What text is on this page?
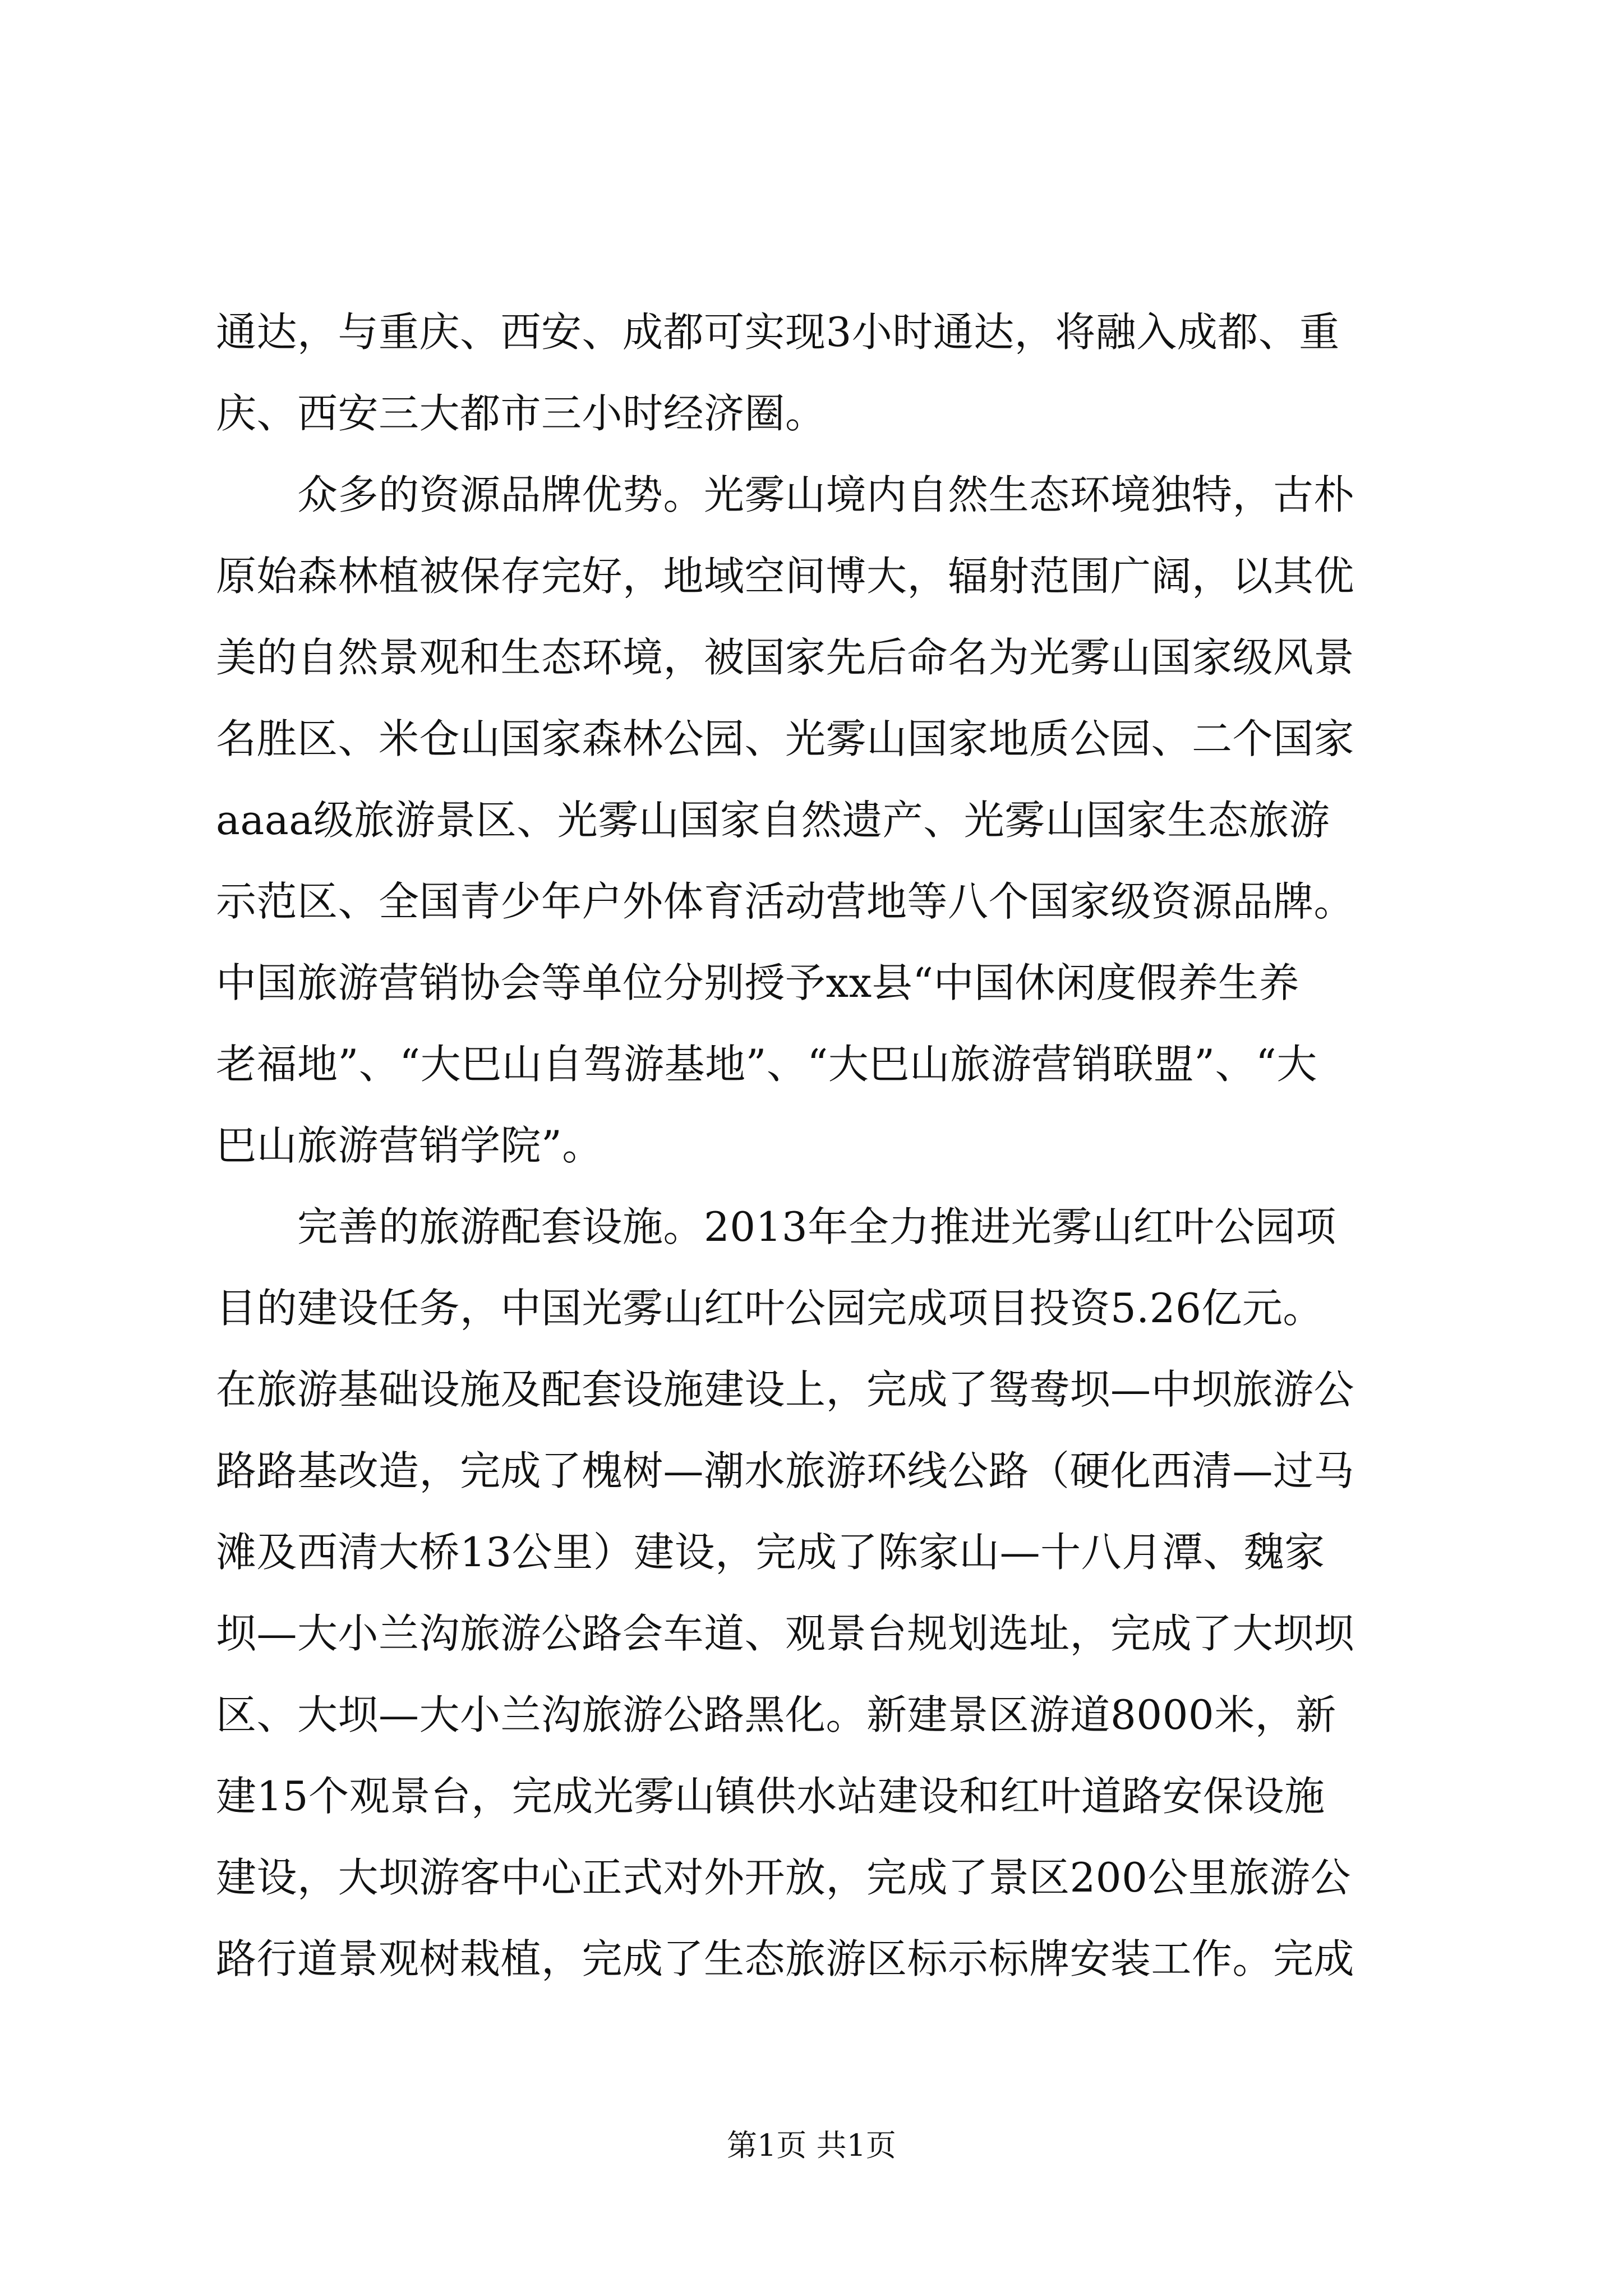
通达，与重庆、西安、成都可实现3小时通达，将融入成都、重
庆、西安三大都市三小时经济圈。
　　众多的资源品牌优势。光雾山境内自然生态环境独特，古朴
原始森林植被保存完好，地域空间博大，辐射范围广阔，以其优
美的自然景观和生态环境，被国家先后命名为光雾山国家级风景
名胜区、米仓山国家森林公园、光雾山国家地质公园、二个国家
aaaa级旅游景区、光雾山国家自然遗产、光雾山国家生态旅游
示范区、全国青少年户外体育活动营地等八个国家级资源品牌。
中国旅游营销协会等单位分别授予xx县“中国休闲度假养生养
老福地”、“大巴山自驾游基地”、“大巴山旅游营销联盟”、“大
巴山旅游营销学院”。
　　完善的旅游配套设施。2013年全力推进光雾山红叶公园项
目的建设任务，中国光雾山红叶公园完成项目投资5.26亿元。
在旅游基础设施及配套设施建设上，完成了鸳鸯坝—中坝旅游公
路路基改造，完成了槐树—潮水旅游环线公路（硬化西清—过马
滩及西清大桥13公里）建设，完成了陈家山—十八月潭、魏家
坝—大小兰沟旅游公路会车道、观景台规划选址，完成了大坝坝
区、大坝—大小兰沟旅游公路黑化。新建景区游道8000米，新
建15个观景台，完成光雾山镇供水站建设和红叶道路安保设施
建设，大坝游客中心正式对外开放，完成了景区200公里旅游公
路行道景观树栽植，完成了生态旅游区标示标牌安装工作。完成
第1页 共1页
